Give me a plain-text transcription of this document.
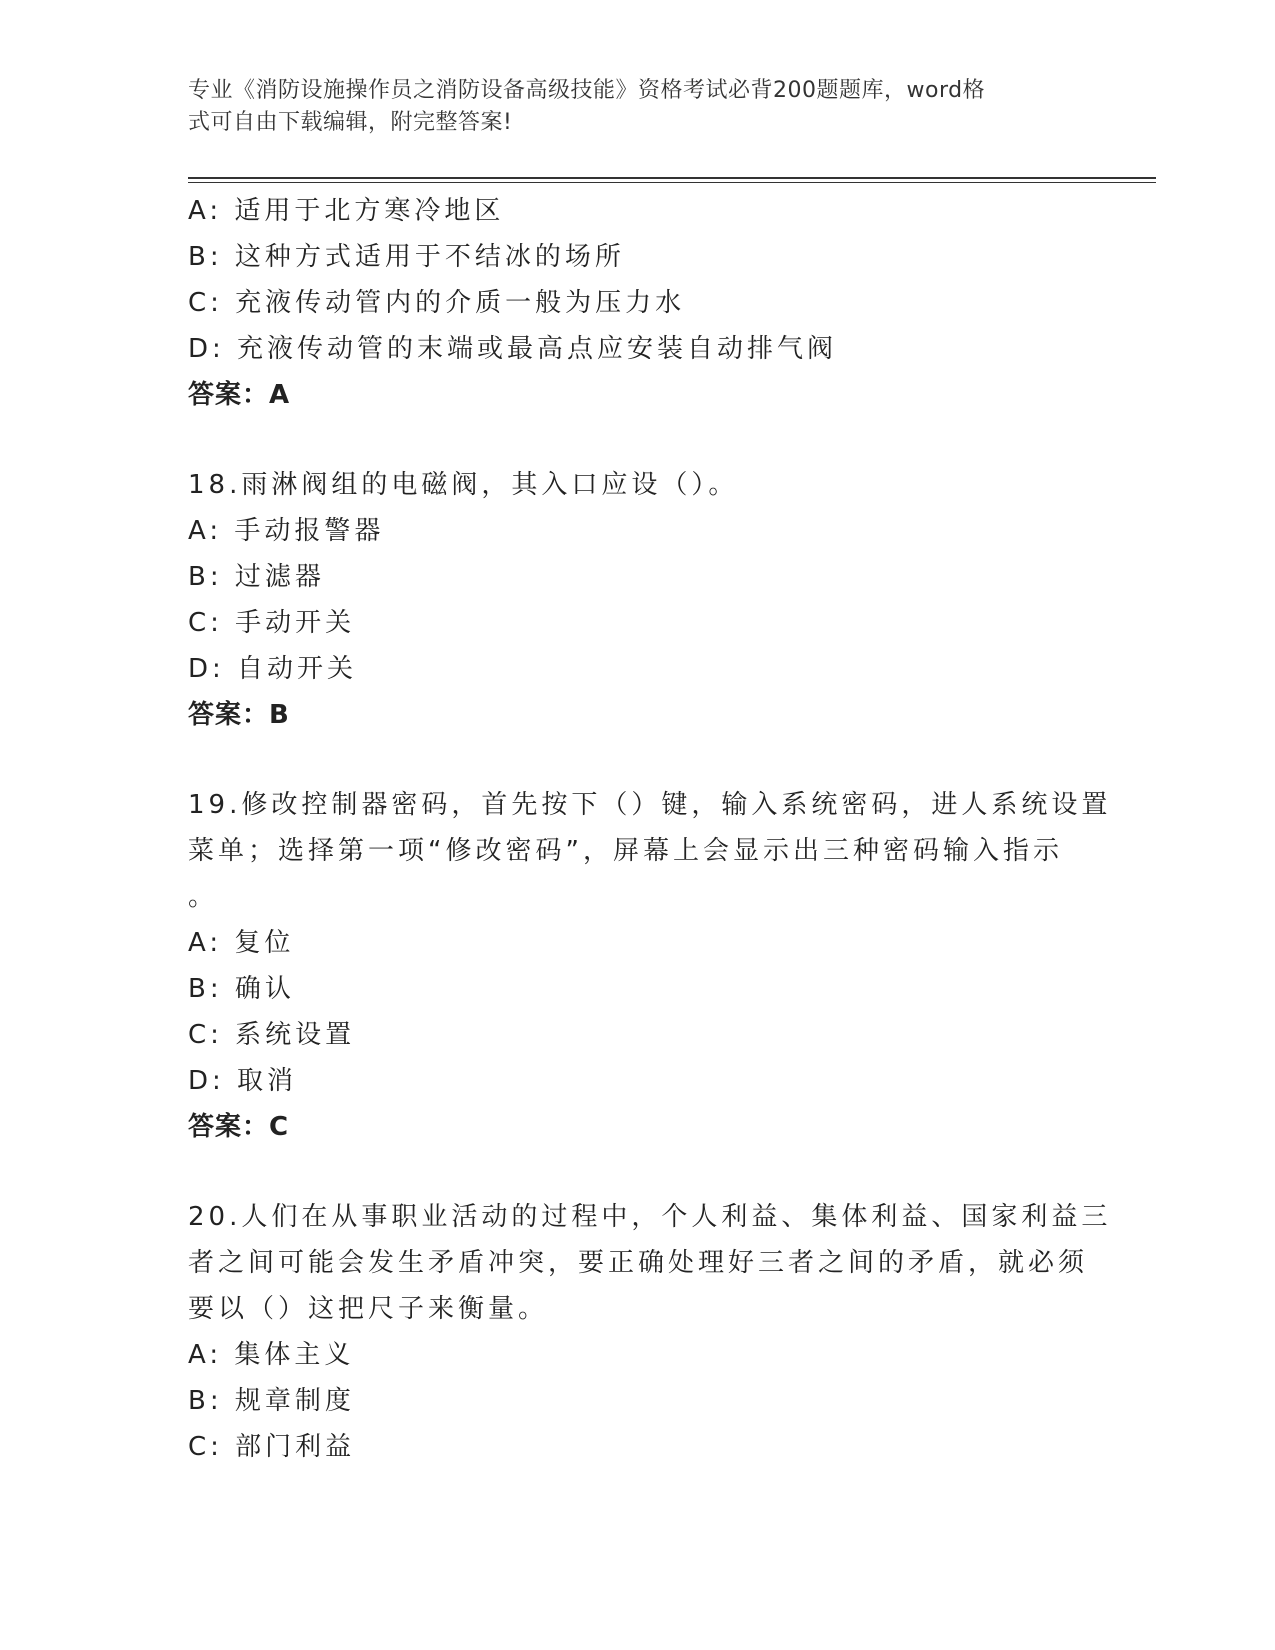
专业《消防设施操作员之消防设备高级技能》资格考试必背200题题库，word格
式可自由下载编辑，附完整答案!
A: 适用于北方寒冷地区
B: 这种方式适用于不结冰的场所
C: 充液传动管内的介质一般为压力水
D: 充液传动管的末端或最高点应安装自动排气阀
答案：A
18.雨淋阀组的电磁阀，其入口应设（）。
A: 手动报警器
B: 过滤器
C: 手动开关
D: 自动开关
答案：B
19.修改控制器密码，首先按下（）键，输入系统密码，进人系统设置
菜单；选择第一项“修改密码”，屏幕上会显示出三种密码输入指示
。
A: 复位
B: 确认
C: 系统设置
D: 取消
答案：C
20.人们在从事职业活动的过程中，个人利益、集体利益、国家利益三
者之间可能会发生矛盾冲突，要正确处理好三者之间的矛盾，就必须
要以（）这把尺子来衡量。
A: 集体主义
B: 规章制度
C: 部门利益
